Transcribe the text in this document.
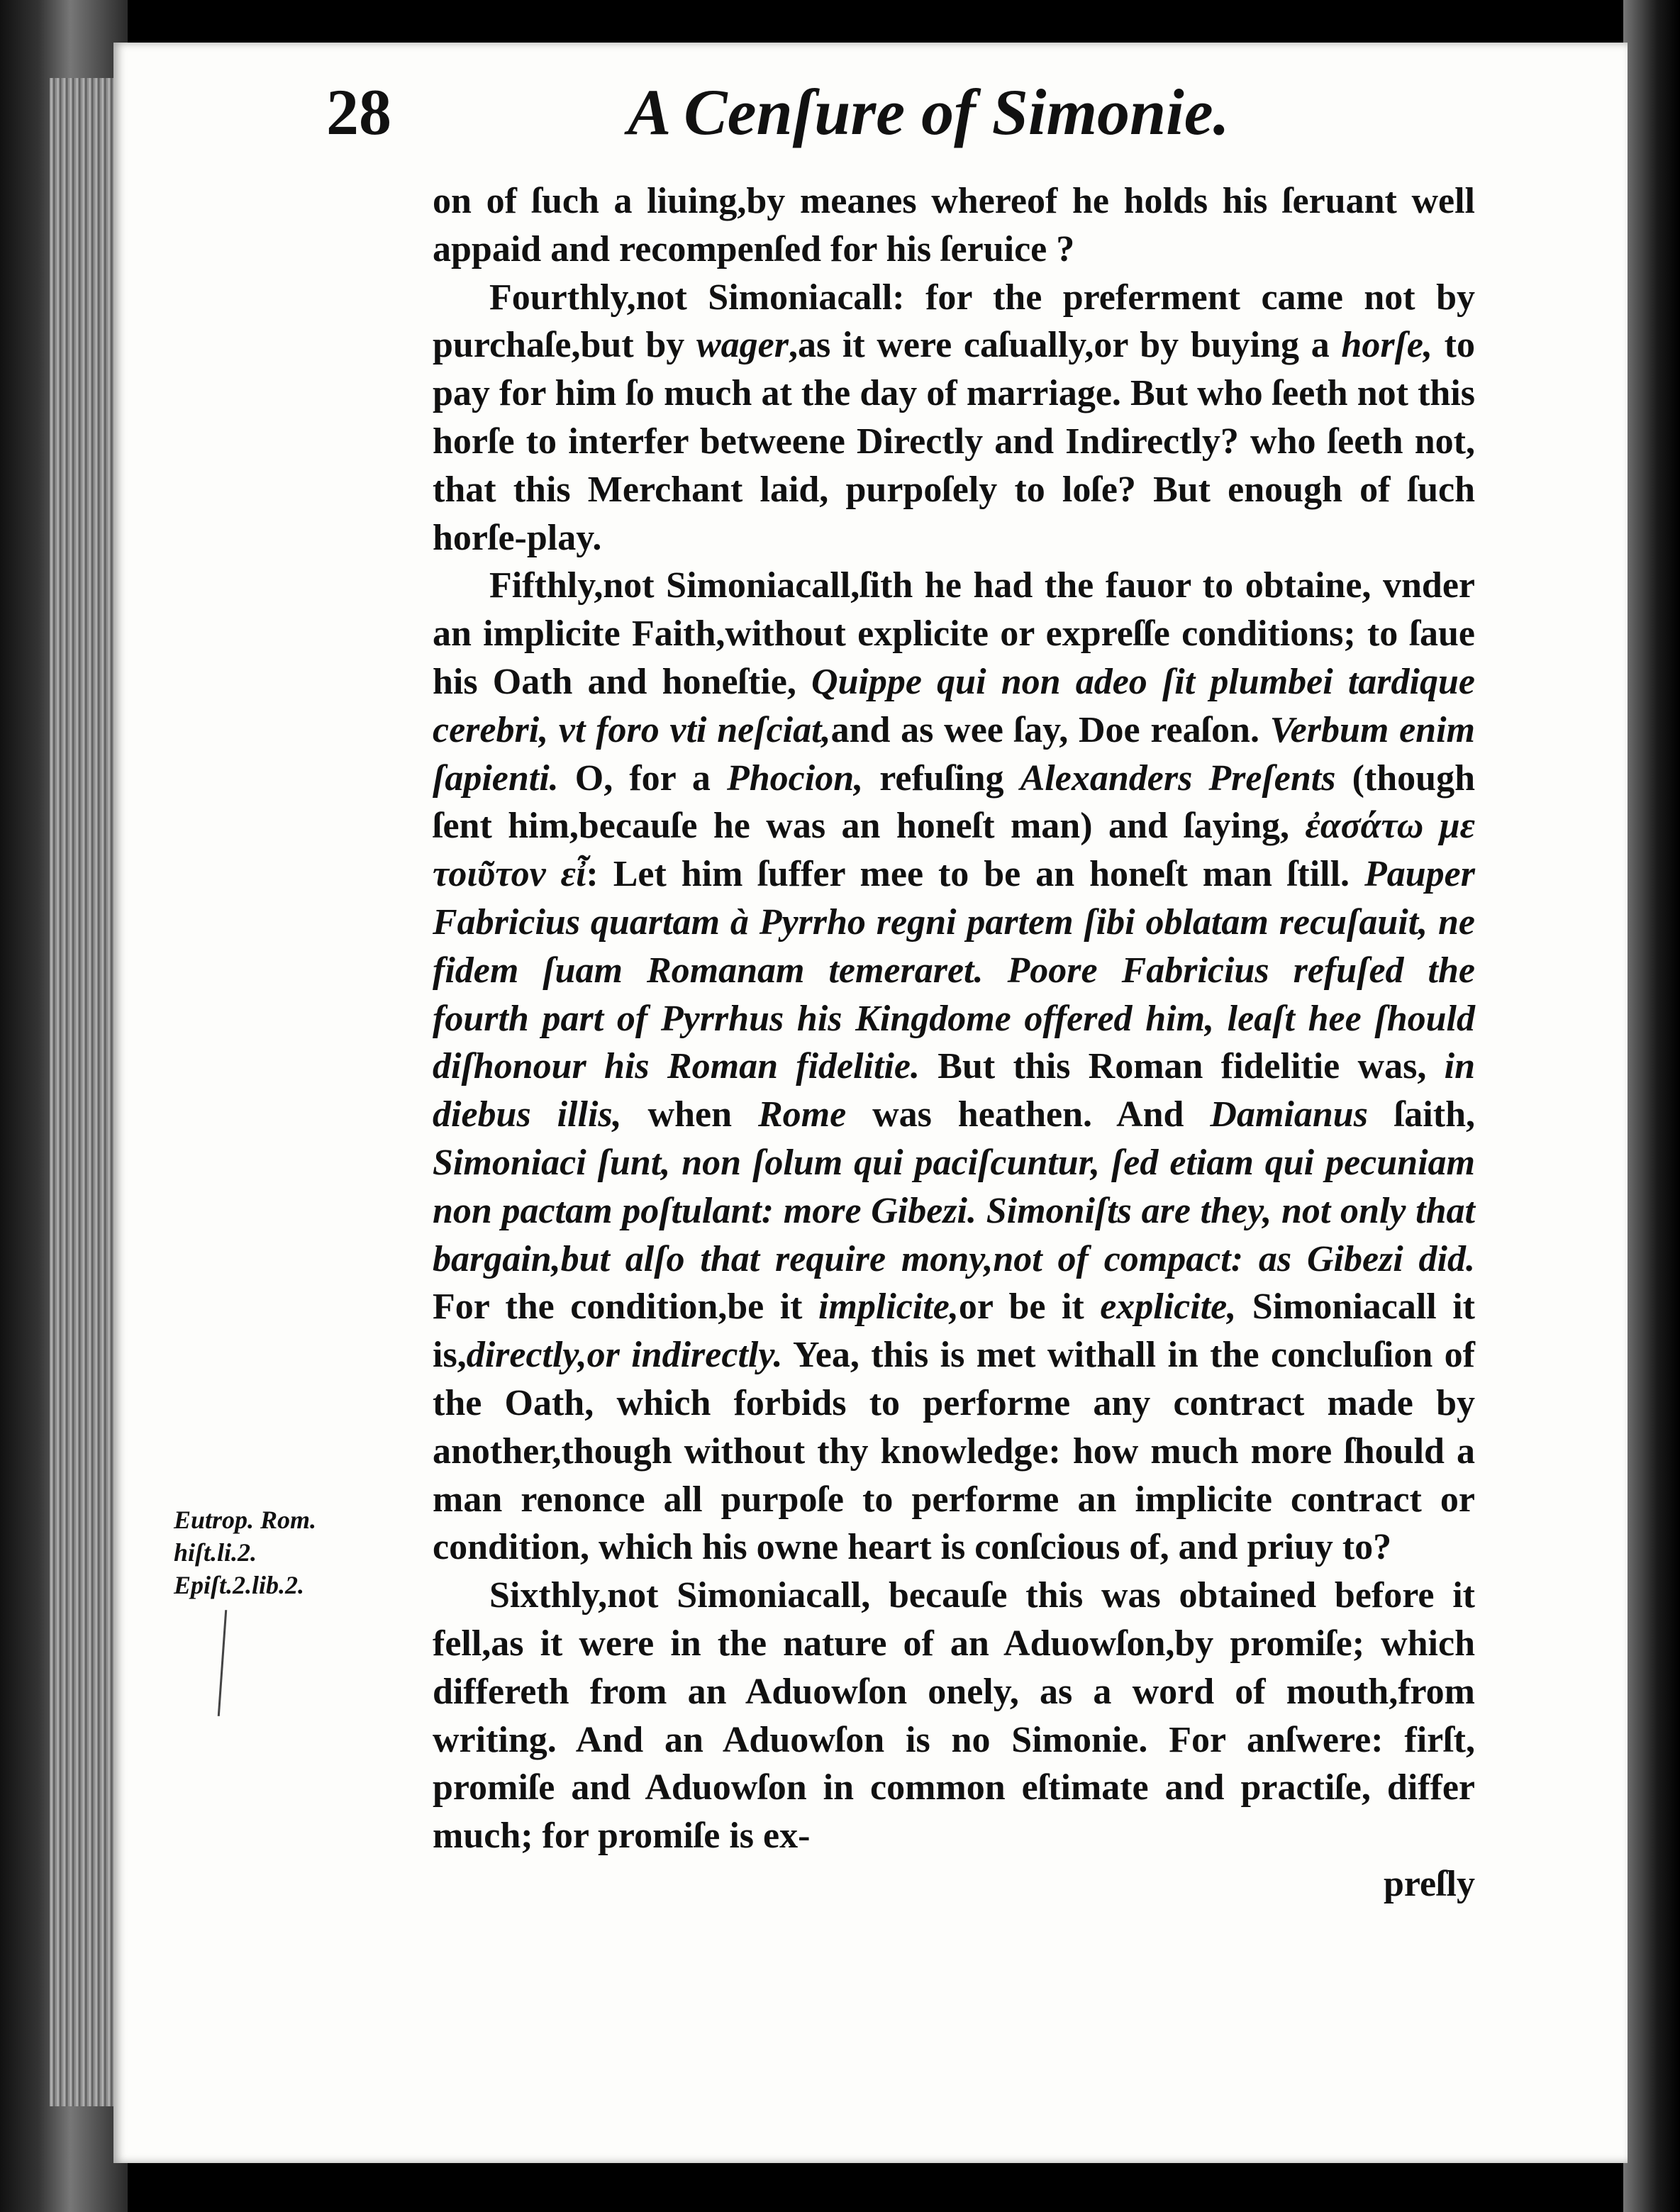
28	A Cenſure of Simonie.

on of ſuch a liuing,by meanes whereof he holds his ſeruant well appaid and recompenſed for his ſeruice ?

Fourthly,not Simoniacall: for the preferment came not by purchaſe,but by wager,as it were caſually,or by buying a horſe, to pay for him ſo much at the day of marriage. But who ſeeth not this horſe to interfer betweene Directly and Indirectly? who ſeeth not, that this Merchant laid, purpoſely to loſe? But enough of ſuch horſe-play.

Fifthly,not Simoniacall,ſith he had the fauor to obtaine, vnder an implicite Faith,without explicite or expreſſe conditions; to ſaue his Oath and honeſtie, Quippe qui non adeo ſit plumbei tardique cerebri, vt foro vti neſciat,and as wee ſay, Doe reaſon. Verbum enim ſapienti. O, for a Phocion, refuſing Alexanders Preſents (though ſent him,becauſe he was an honeſt man) and ſaying, ἐασάτω με τοιῦτον εἶ: Let him ſuffer mee to be an honeſt man ſtill. Pauper Fabricius quartam à Pyrrho regni partem ſibi oblatam recuſauit, ne fidem ſuam Romanam temeraret. Poore Fabricius refuſed the fourth part of Pyrrhus his Kingdome offered him, leaſt hee ſhould diſhonour his Roman fidelitie. But this Roman fidelitie was, in diebus illis, when Rome was heathen. And Damianus ſaith, Simoniaci ſunt, non ſolum qui paciſcuntur, ſed etiam qui pecuniam non pactam poſtulant: more Gibezi. Simoniſts are they, not only that bargain,but alſo that require mony,not of compact: as Gibezi did. For the condition,be it implicite,or be it explicite, Simoniacall it is,directly,or indirectly. Yea, this is met withall in the concluſion of the Oath, which forbids to performe any contract made by another,though without thy knowledge: how much more ſhould a man renonce all purpoſe to performe an implicite contract or condition, which his owne heart is conſcious of, and priuy to?

Sixthly,not Simoniacall, becauſe this was obtained before it fell,as it were in the nature of an Aduowſon,by promiſe; which differeth from an Aduowſon onely, as a word of mouth,from writing. And an Aduowſon is no Simonie. For anſwere: firſt, promiſe and Aduowſon in common eſtimate and practiſe, differ much; for promiſe is ex-

preſly

Eutrop. Rom.
hiſt.li.2.
Epiſt.2.lib.2.
